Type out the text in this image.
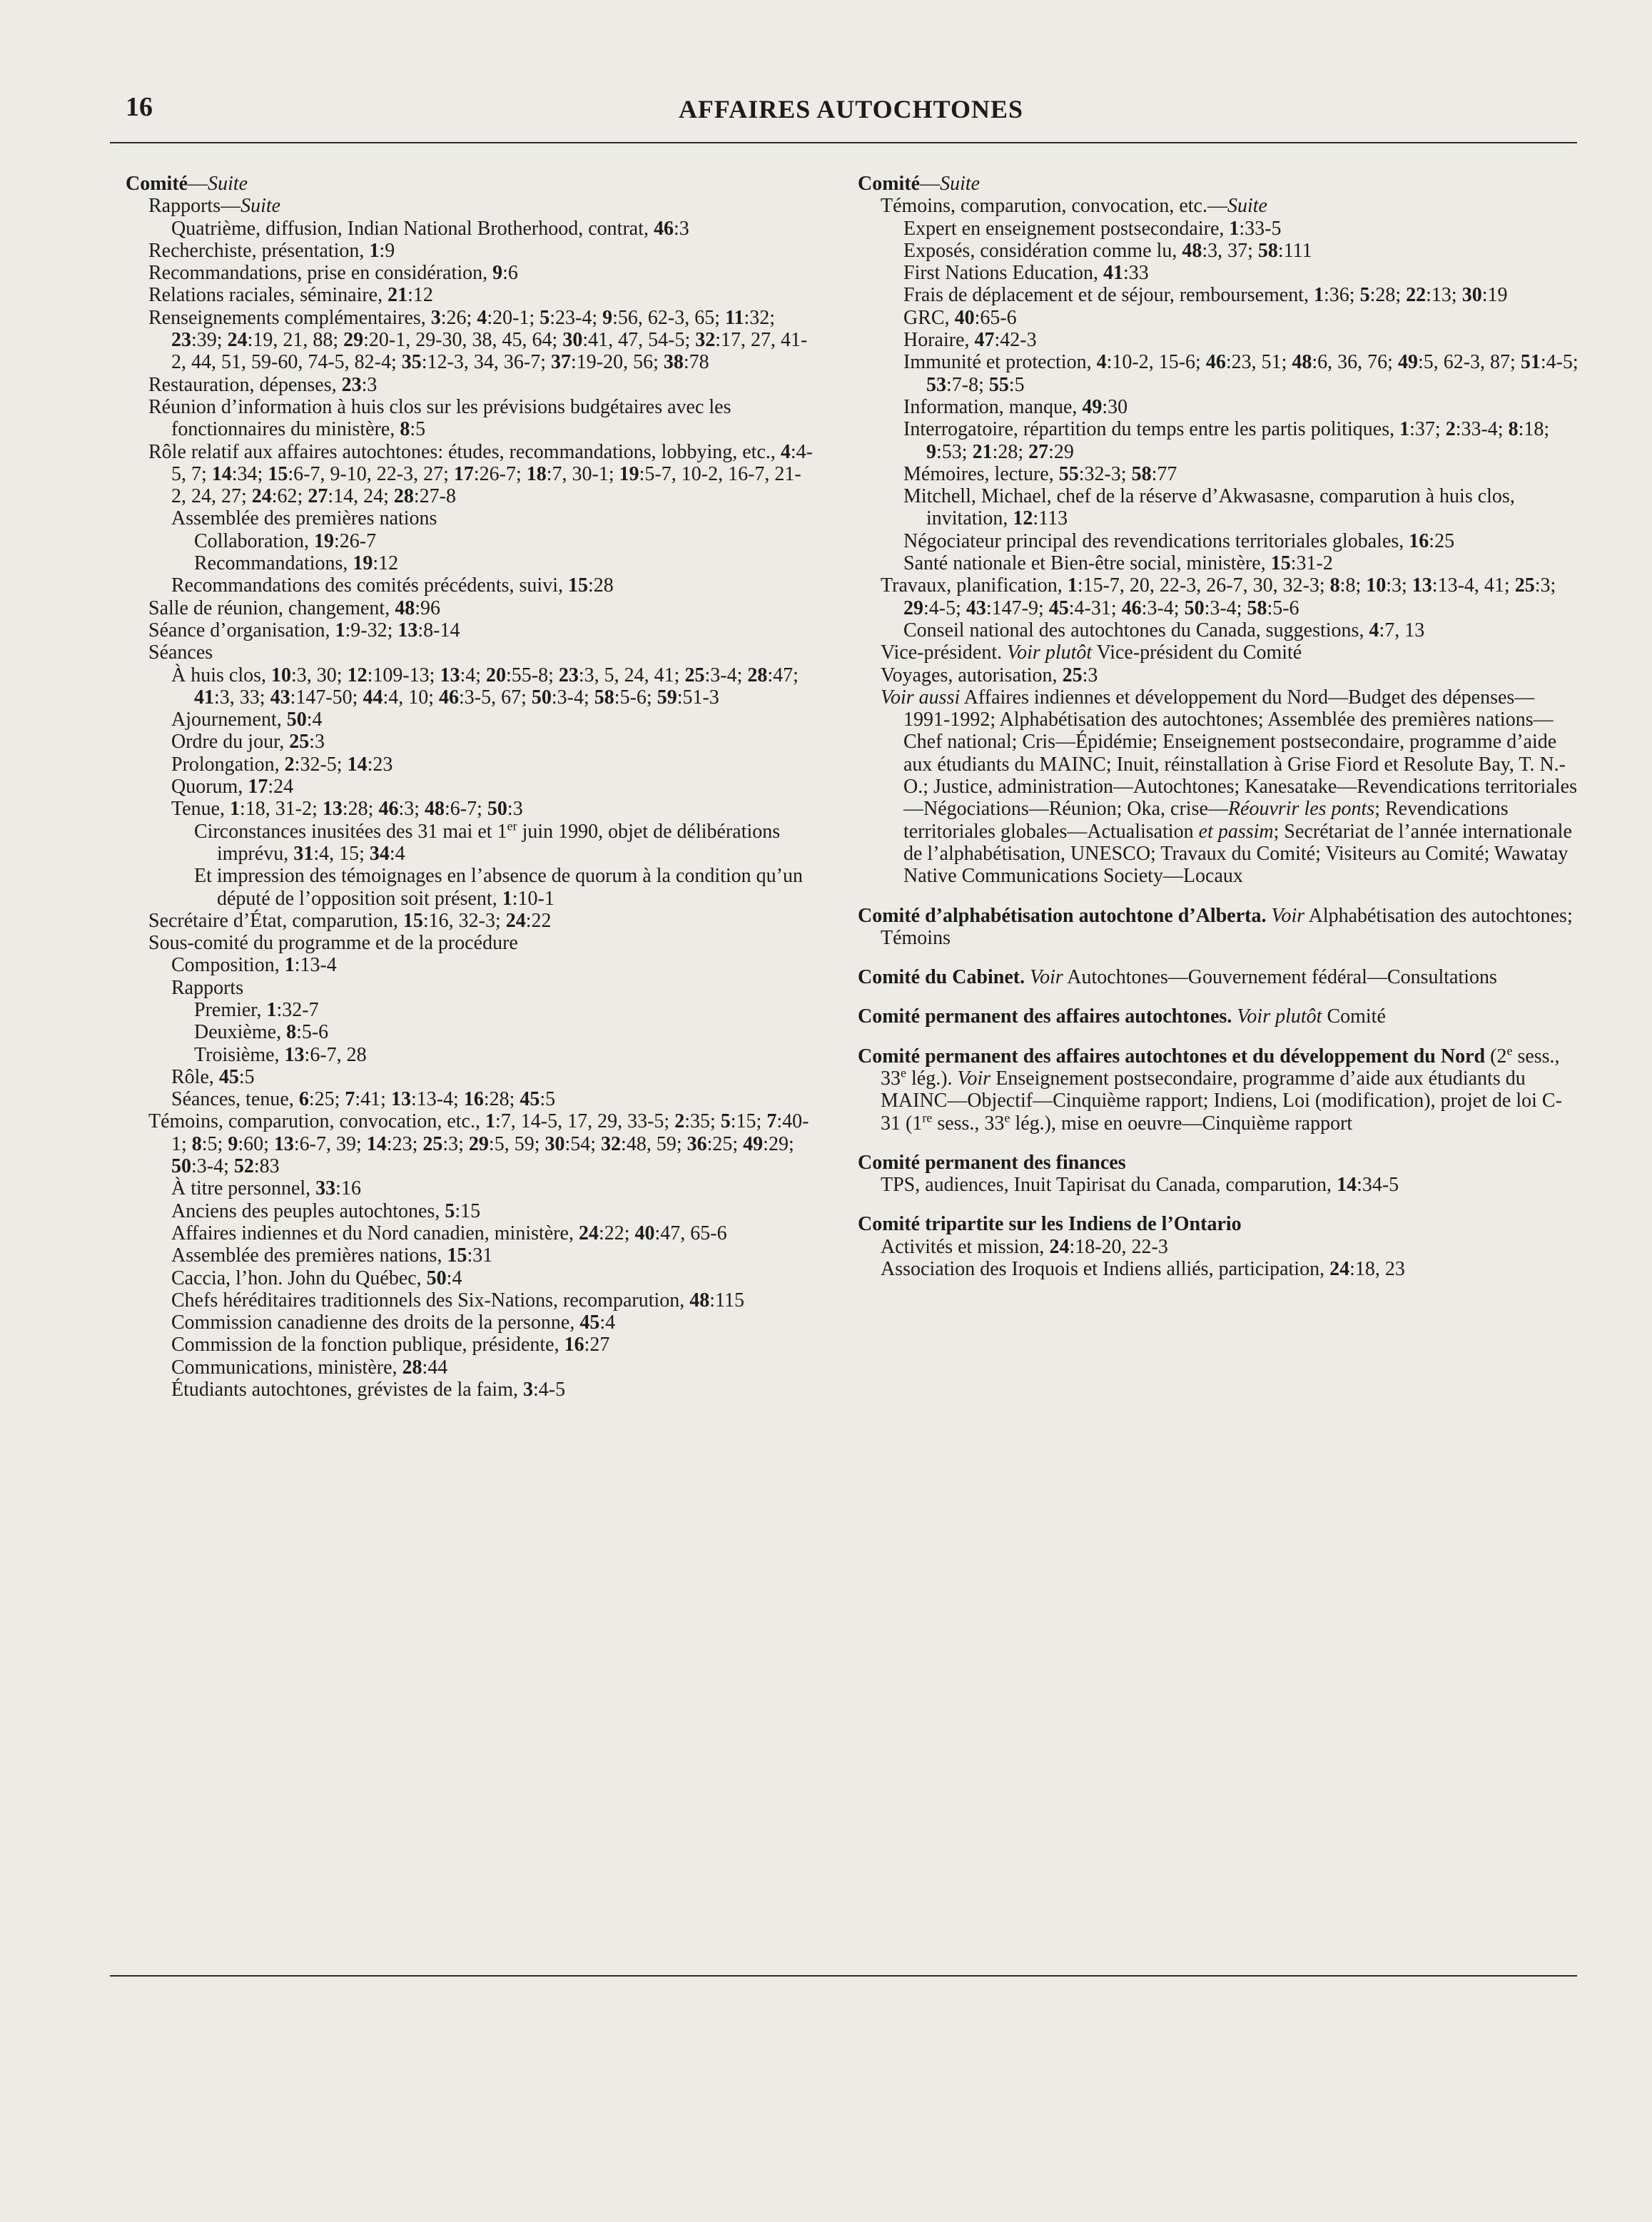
16	AFFAIRES AUTOCHTONES
Comité—Suite
Rapports—Suite
Quatrième, diffusion, Indian National Brotherhood, contrat, 46:3
Recherchiste, présentation, 1:9
Recommandations, prise en considération, 9:6
Relations raciales, séminaire, 21:12
Renseignements complémentaires, 3:26; 4:20-1; 5:23-4; 9:56, 62-3, 65; 11:32; 23:39; 24:19, 21, 88; 29:20-1, 29-30, 38, 45, 64; 30:41, 47, 54-5; 32:17, 27, 41-2, 44, 51, 59-60, 74-5, 82-4; 35:12-3, 34, 36-7; 37:19-20, 56; 38:78
Restauration, dépenses, 23:3
Réunion d’information à huis clos sur les prévisions budgétaires avec les fonctionnaires du ministère, 8:5
Rôle relatif aux affaires autochtones: études, recommandations, lobbying, etc., 4:4-5, 7; 14:34; 15:6-7, 9-10, 22-3, 27; 17:26-7; 18:7, 30-1; 19:5-7, 10-2, 16-7, 21-2, 24, 27; 24:62; 27:14, 24; 28:27-8
Assemblée des premières nations
Collaboration, 19:26-7
Recommandations, 19:12
Recommandations des comités précédents, suivi, 15:28
Salle de réunion, changement, 48:96
Séance d’organisation, 1:9-32; 13:8-14
Séances
À huis clos, 10:3, 30; 12:109-13; 13:4; 20:55-8; 23:3, 5, 24, 41; 25:3-4; 28:47; 41:3, 33; 43:147-50; 44:4, 10; 46:3-5, 67; 50:3-4; 58:5-6; 59:51-3
Ajournement, 50:4
Ordre du jour, 25:3
Prolongation, 2:32-5; 14:23
Quorum, 17:24
Tenue, 1:18, 31-2; 13:28; 46:3; 48:6-7; 50:3
Circonstances inusitées des 31 mai et 1er juin 1990, objet de délibérations imprévu, 31:4, 15; 34:4
Et impression des témoignages en l’absence de quorum à la condition qu’un député de l’opposition soit présent, 1:10-1
Secrétaire d’État, comparution, 15:16, 32-3; 24:22
Sous-comité du programme et de la procédure
Composition, 1:13-4
Rapports
Premier, 1:32-7
Deuxième, 8:5-6
Troisième, 13:6-7, 28
Rôle, 45:5
Séances, tenue, 6:25; 7:41; 13:13-4; 16:28; 45:5
Témoins, comparution, convocation, etc., 1:7, 14-5, 17, 29, 33-5; 2:35; 5:15; 7:40-1; 8:5; 9:60; 13:6-7, 39; 14:23; 25:3; 29:5, 59; 30:54; 32:48, 59; 36:25; 49:29; 50:3-4; 52:83
À titre personnel, 33:16
Anciens des peuples autochtones, 5:15
Affaires indiennes et du Nord canadien, ministère, 24:22; 40:47, 65-6
Assemblée des premières nations, 15:31
Caccia, l’hon. John du Québec, 50:4
Chefs héréditaires traditionnels des Six-Nations, recomparution, 48:115
Commission canadienne des droits de la personne, 45:4
Commission de la fonction publique, présidente, 16:27
Communications, ministère, 28:44
Étudiants autochtones, grévistes de la faim, 3:4-5
Comité—Suite
Témoins, comparution, convocation, etc.—Suite
Expert en enseignement postsecondaire, 1:33-5
Exposés, considération comme lu, 48:3, 37; 58:111
First Nations Education, 41:33
Frais de déplacement et de séjour, remboursement, 1:36; 5:28; 22:13; 30:19
GRC, 40:65-6
Horaire, 47:42-3
Immunité et protection, 4:10-2, 15-6; 46:23, 51; 48:6, 36, 76; 49:5, 62-3, 87; 51:4-5; 53:7-8; 55:5
Information, manque, 49:30
Interrogatoire, répartition du temps entre les partis politiques, 1:37; 2:33-4; 8:18; 9:53; 21:28; 27:29
Mémoires, lecture, 55:32-3; 58:77
Mitchell, Michael, chef de la réserve d’Akwasasne, comparution à huis clos, invitation, 12:113
Négociateur principal des revendications territoriales globales, 16:25
Santé nationale et Bien-être social, ministère, 15:31-2
Travaux, planification, 1:15-7, 20, 22-3, 26-7, 30, 32-3; 8:8; 10:3; 13:13-4, 41; 25:3; 29:4-5; 43:147-9; 45:4-31; 46:3-4; 50:3-4; 58:5-6
Conseil national des autochtones du Canada, suggestions, 4:7, 13
Vice-président. Voir plutôt Vice-président du Comité
Voyages, autorisation, 25:3
Voir aussi Affaires indiennes et développement du Nord—Budget des dépenses—1991-1992; Alphabétisation des autochtones; Assemblée des premières nations—Chef national; Cris—Épidémie; Enseignement postsecondaire, programme d’aide aux étudiants du MAINC; Inuit, réinstallation à Grise Fiord et Resolute Bay, T. N.-O.; Justice, administration—Autochtones; Kanesatake—Revendications territoriales—Négociations—Réunion; Oka, crise—Réouvrir les ponts; Revendications territoriales globales—Actualisation et passim; Secrétariat de l’année internationale de l’alphabétisation, UNESCO; Travaux du Comité; Visiteurs au Comité; Wawatay Native Communications Society—Locaux
Comité d’alphabétisation autochtone d’Alberta. Voir Alphabétisation des autochtones; Témoins
Comité du Cabinet. Voir Autochtones—Gouvernement fédéral—Consultations
Comité permanent des affaires autochtones. Voir plutôt Comité
Comité permanent des affaires autochtones et du développement du Nord (2e sess., 33e lég.). Voir Enseignement postsecondaire, programme d’aide aux étudiants du MAINC—Objectif—Cinquième rapport; Indiens, Loi (modification), projet de loi C-31 (1re sess., 33e lég.), mise en oeuvre—Cinquième rapport
Comité permanent des finances
TPS, audiences, Inuit Tapirisat du Canada, comparution, 14:34-5
Comité tripartite sur les Indiens de l’Ontario
Activités et mission, 24:18-20, 22-3
Association des Iroquois et Indiens alliés, participation, 24:18, 23
